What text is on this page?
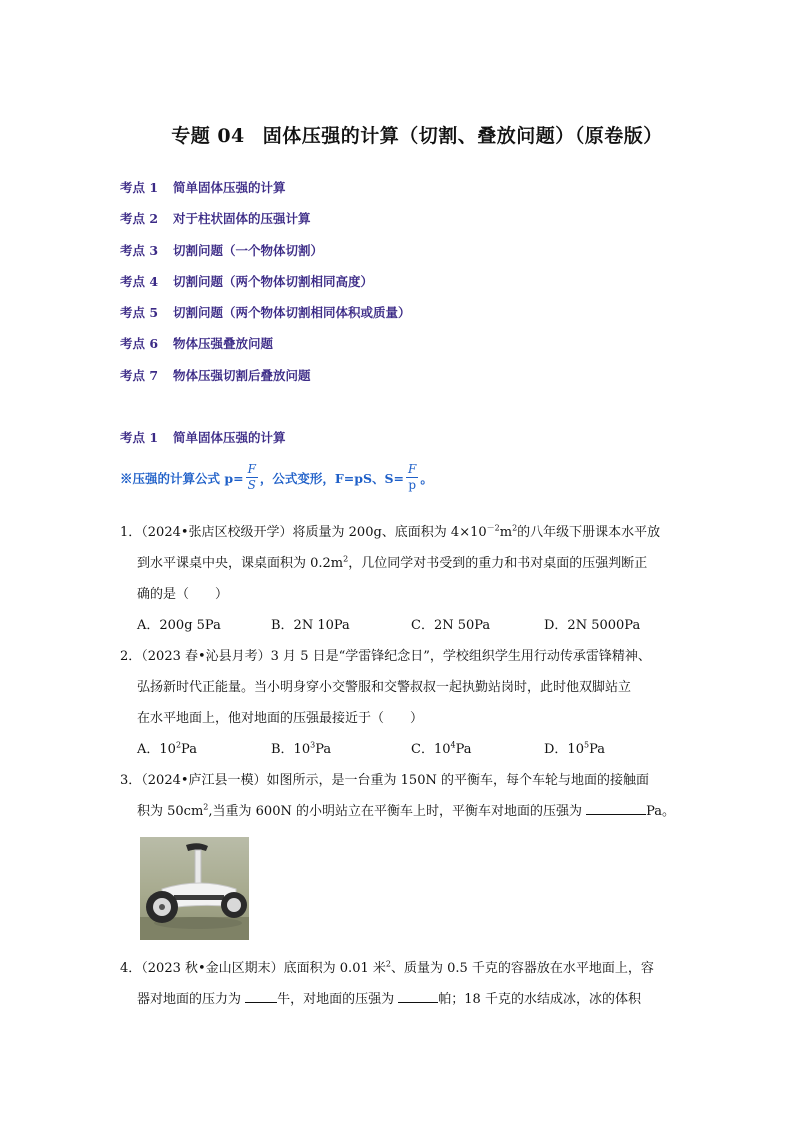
专题 04 固体压强的计算（切割、叠放问题）（原卷版）
考点 1 简单固体压强的计算
考点 2 对于柱状固体的压强计算
考点 3 切割问题（一个物体切割）
考点 4 切割问题（两个物体切割相同高度）
考点 5 切割问题（两个物体切割相同体积或质量）
考点 6 物体压强叠放问题
考点 7 物体压强切割后叠放问题
考点 1 简单固体压强的计算
※压强的计算公式 $p= \frac{F}{S}$ ，公式变形，F=pS、$S= \frac{F}{p}$ 。
1．（2024•张店区校级开学）将质量为 200g、底面积为 $4\times 10^{-2}m^2$的八年级下册课本水平放
到水平课桌中央，课桌面积为 $0.2m^2$，几位同学对书受到的重力和书对桌面的压强判断正
确的是（　　）
A．200g 5Pa	B．2N 10Pa	C．2N 50Pa	D．2N 5000Pa
2．（2023 春•沁县月考）3 月 5 日是“学雷锋纪念日”，学校组织学生用行动传承雷锋精神、
弘扬新时代正能量。当小明身穿小交警服和交警叔叔一起执勤站岗时，此时他双脚站立
在水平地面上，他对地面的压强最接近于（　　）
A．$10^2Pa$	B．$10^3Pa$	C．$10^4Pa$	D．$10^5Pa$
3．（2024•庐江县一模）如图所示，是一台重为 150N 的平衡车，每个车轮与地面的接触面
积为 $50cm^2$,当重为 600N 的小明站立在平衡车上时，平衡车对地面的压强为	Pa。
4．（2023 秋•金山区期末）底面积为 0.01 米$^2$、质量为 0.5 千克的容器放在水平地面上，容
器对地面的压力为 牛，对地面的压强为	帕；18 千克的水结成冰，冰的体积
